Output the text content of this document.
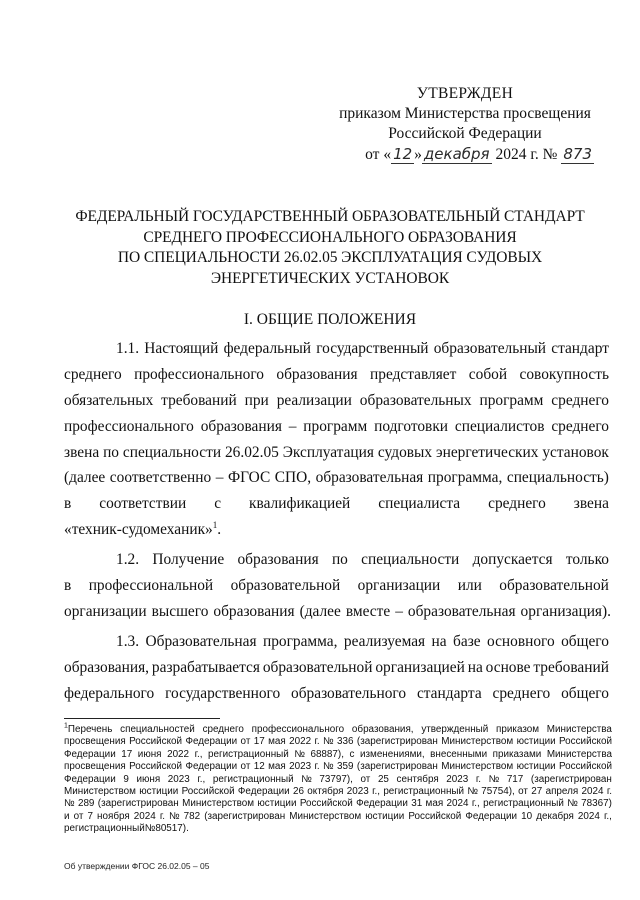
УТВЕРЖДЕН
приказом Министерства просвещения
Российской Федерации
от « 12 » декабря 2024 г. № 873
ФЕДЕРАЛЬНЫЙ ГОСУДАРСТВЕННЫЙ ОБРАЗОВАТЕЛЬНЫЙ СТАНДАРТ
СРЕДНЕГО ПРОФЕССИОНАЛЬНОГО ОБРАЗОВАНИЯ
ПО СПЕЦИАЛЬНОСТИ 26.02.05 ЭКСПЛУАТАЦИЯ СУДОВЫХ
ЭНЕРГЕТИЧЕСКИХ УСТАНОВОК
I. ОБЩИЕ ПОЛОЖЕНИЯ
1.1. Настоящий федеральный государственный образовательный стандарт
среднего профессионального образования представляет собой совокупность
обязательных требований при реализации образовательных программ среднего
профессионального образования – программ подготовки специалистов среднего
звена по специальности 26.02.05 Эксплуатация судовых энергетических установок
(далее соответственно – ФГОС СПО, образовательная программа, специальность)
в соответствии с квалификацией специалиста среднего звена
«техник-судомеханик»$^1$.
1.2. Получение образования по специальности допускается только
в профессиональной образовательной организации или образовательной
организации высшего образования (далее вместе – образовательная организация).
1.3. Образовательная программа, реализуемая на базе основного общего
образования, разрабатывается образовательной организацией на основе требований
федерального государственного образовательного стандарта среднего общего
$^1$Перечень специальностей среднего профессионального образования, утвержденный приказом Министерства
просвещения Российской Федерации от 17 мая 2022 г. № 336 (зарегистрирован Министерством юстиции Российской
Федерации 17 июня 2022 г., регистрационный № 68887), с изменениями, внесенными приказами Министерства
просвещения Российской Федерации от 12 мая 2023 г. № 359 (зарегистрирован Министерством юстиции Российской
Федерации 9 июня 2023 г., регистрационный № 73797), от 25 сентября 2023 г. № 717 (зарегистрирован
Министерством юстиции Российской Федерации 26 октября 2023 г., регистрационный № 75754), от 27 апреля 2024 г.
№ 289 (зарегистрирован Министерством юстиции Российской Федерации 31 мая 2024 г., регистрационный № 78367)
и от 7 ноября 2024 г. № 782 (зарегистрирован Министерством юстиции Российской Федерации 10 декабря 2024 г.,
регистрационный № 80517).
Об утверждении ФГОС 26.02.05 – 05
